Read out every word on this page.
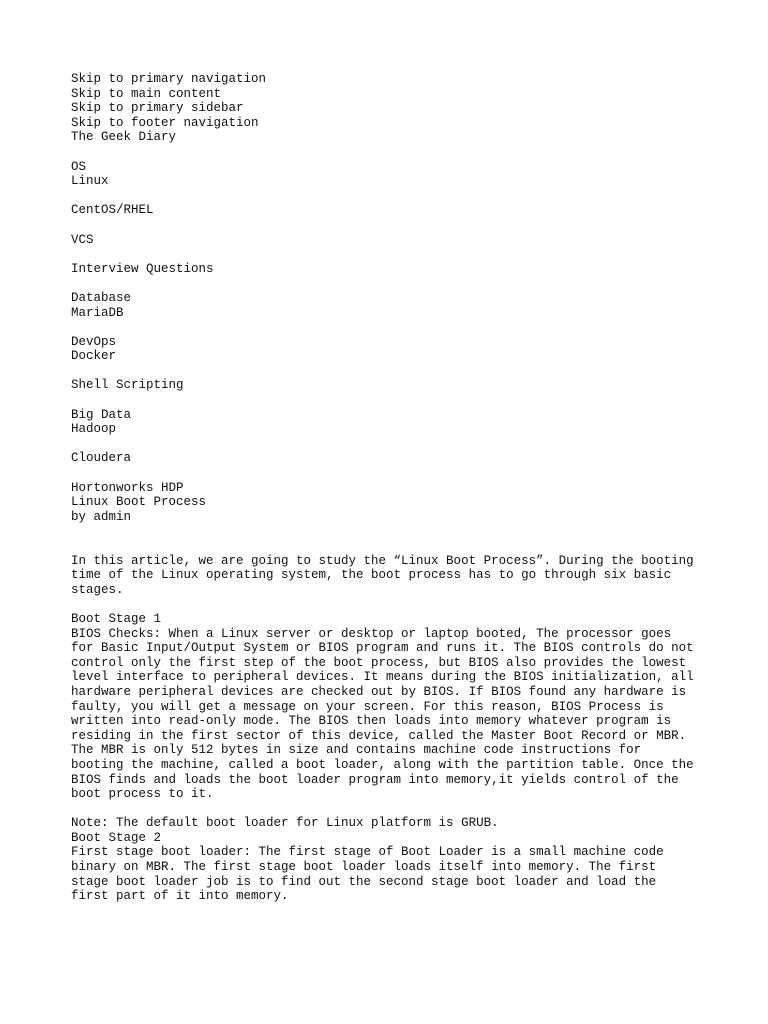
Skip to primary navigation
Skip to main content
Skip to primary sidebar
Skip to footer navigation
The Geek Diary
OS
Linux
CentOS/RHEL
VCS
Interview Questions
Database
MariaDB
DevOps
Docker
Shell Scripting
Big Data
Hadoop
Cloudera
Hortonworks HDP
Linux Boot Process
by admin
In this article, we are going to study the “Linux Boot Process”. During the booting
time of the Linux operating system, the boot process has to go through six basic
stages.
Boot Stage 1
BIOS Checks: When a Linux server or desktop or laptop booted, The processor goes
for Basic Input/Output System or BIOS program and runs it. The BIOS controls do not
control only the first step of the boot process, but BIOS also provides the lowest
level interface to peripheral devices. It means during the BIOS initialization, all
hardware peripheral devices are checked out by BIOS. If BIOS found any hardware is
faulty, you will get a message on your screen. For this reason, BIOS Process is
written into read-only mode. The BIOS then loads into memory whatever program is
residing in the first sector of this device, called the Master Boot Record or MBR.
The MBR is only 512 bytes in size and contains machine code instructions for
booting the machine, called a boot loader, along with the partition table. Once the
BIOS finds and loads the boot loader program into memory,it yields control of the
boot process to it.
Note: The default boot loader for Linux platform is GRUB.
Boot Stage 2
First stage boot loader: The first stage of Boot Loader is a small machine code
binary on MBR. The first stage boot loader loads itself into memory. The first
stage boot loader job is to find out the second stage boot loader and load the
first part of it into memory.
